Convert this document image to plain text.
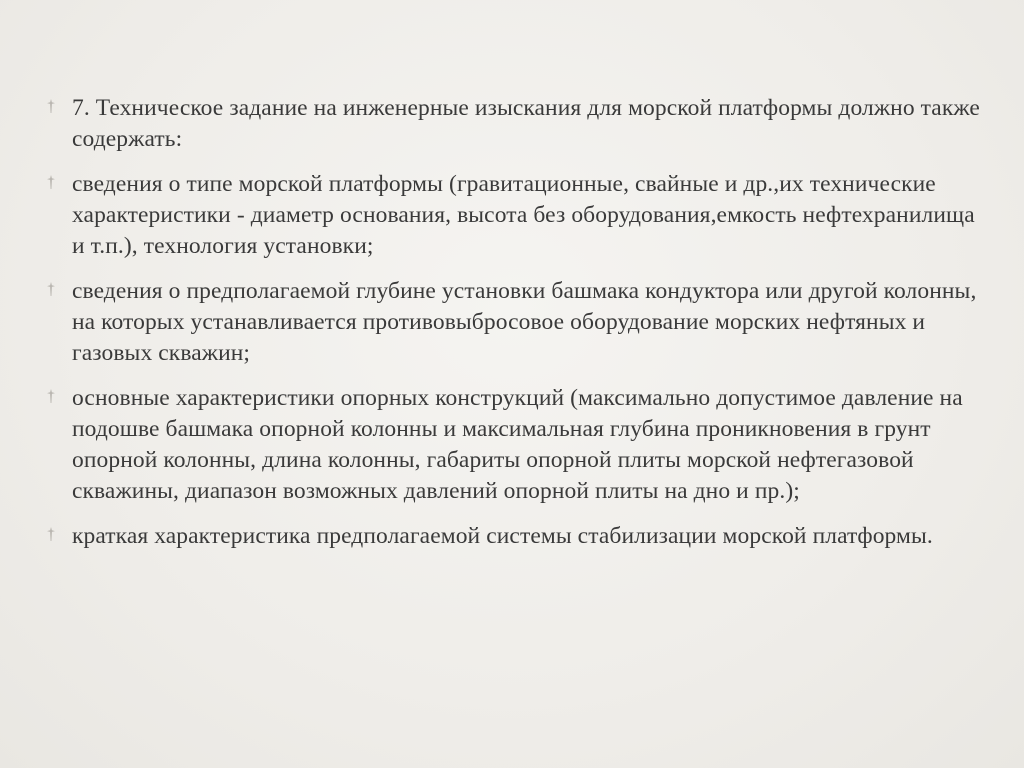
7. Техническое задание на инженерные изыскания для морской платформы должно также содержать:
сведения о типе морской платформы (гравитационные, свайные и др.,их технические характеристики - диаметр основания, высота без оборудования,емкость нефтехранилища и т.п.), технология установки;
сведения о предполагаемой глубине установки башмака кондуктора или другой колонны, на которых устанавливается противовыбросовое оборудование морских нефтяных и газовых скважин;
основные характеристики опорных конструкций (максимально допустимое давление на подошве башмака опорной колонны и максимальная глубина проникновения в грунт опорной колонны, длина колонны, габариты опорной плиты морской нефтегазовой скважины, диапазон возможных давлений опорной плиты на дно и пр.);
краткая характеристика предполагаемой системы стабилизации морской платформы.
